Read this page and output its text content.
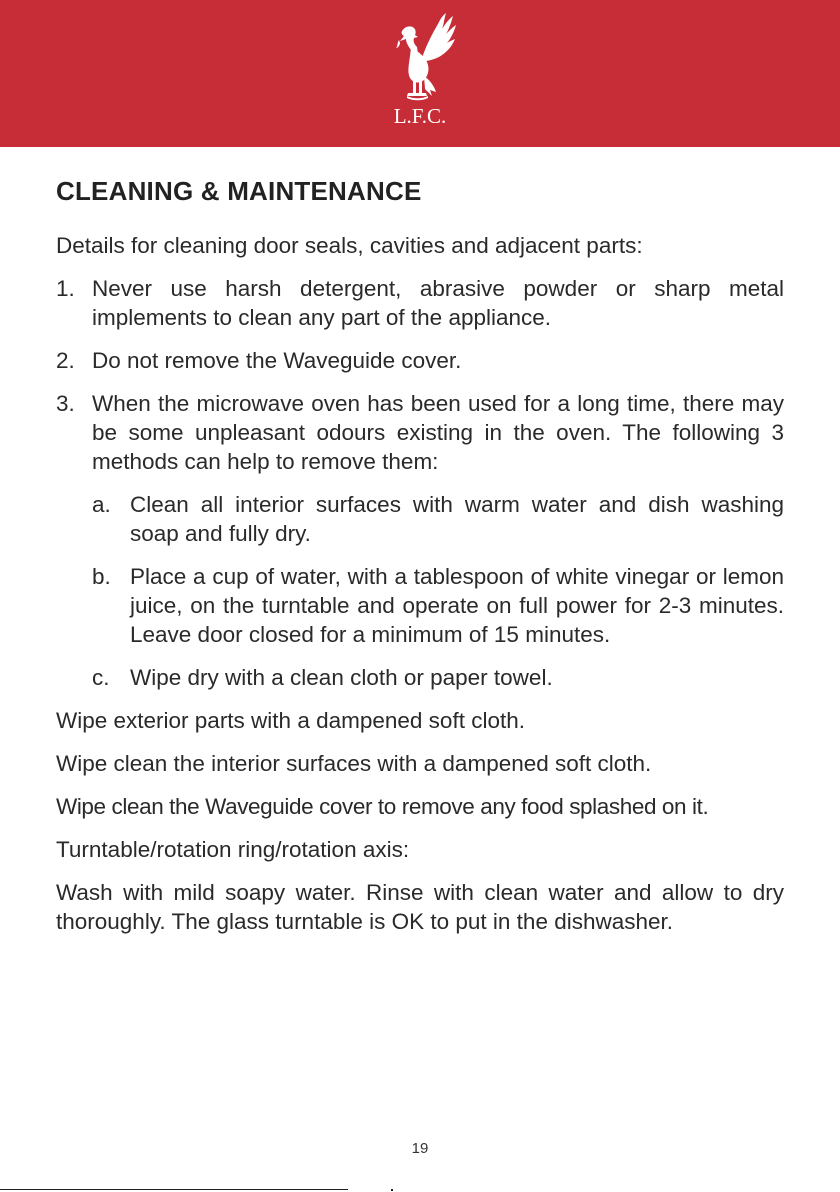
L.F.C.
CLEANING & MAINTENANCE

Details for cleaning door seals, cavities and adjacent parts:

1. Never use harsh detergent, abrasive powder or sharp metal implements to clean any part of the appliance.
2. Do not remove the Waveguide cover.
3. When the microwave oven has been used for a long time, there may be some unpleasant odours existing in the oven. The following 3 methods can help to remove them:
a. Clean all interior surfaces with warm water and dish washing soap and fully dry.
b. Place a cup of water, with a tablespoon of white vinegar or lemon juice, on the turntable and operate on full power for 2-3 minutes. Leave door closed for a minimum of 15 minutes.
c. Wipe dry with a clean cloth or paper towel.

Wipe exterior parts with a dampened soft cloth.

Wipe clean the interior surfaces with a dampened soft cloth.

Wipe clean the Waveguide cover to remove any food splashed on it.

Turntable/rotation ring/rotation axis:

Wash with mild soapy water. Rinse with clean water and allow to dry thoroughly. The glass turntable is OK to put in the dishwasher.

19
